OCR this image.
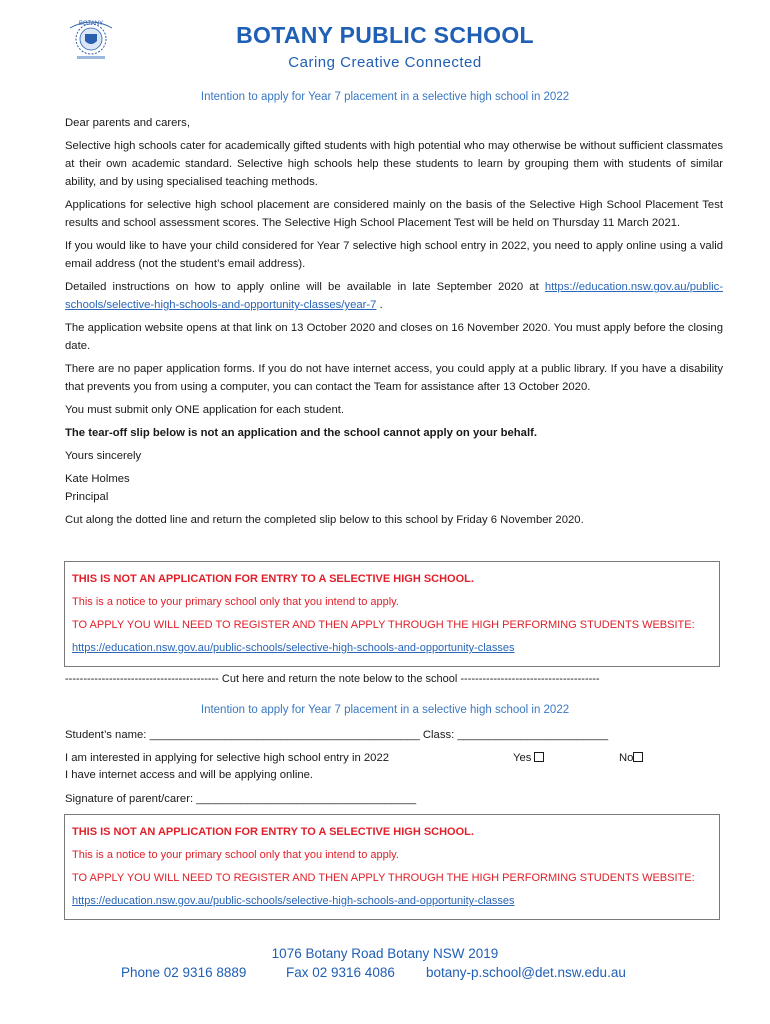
BOTANY	BOTANY PUBLIC SCHOOL
Caring Creative Connected
Intention to apply for Year 7 placement in a selective high school in 2022

Dear parents and carers,

Selective high schools cater for academically gifted students with high potential who may otherwise be without sufficient classmates at their own academic standard. Selective high schools help these students to learn by grouping them with students of similar ability, and by using specialised teaching methods.

Applications for selective high school placement are considered mainly on the basis of the Selective High School Placement Test results and school assessment scores. The Selective High School Placement Test will be held on Thursday 11 March 2021.

If you would like to have your child considered for Year 7 selective high school entry in 2022, you need to apply online using a valid email address (not the student’s email address).

Detailed instructions on how to apply online will be available in late September 2020 at https://education.nsw.gov.au/public-schools/selective-high-schools-and-opportunity-classes/year-7 .

The application website opens at that link on 13 October 2020 and closes on 16 November 2020. You must apply before the closing date.

There are no paper application forms. If you do not have internet access, you could apply at a public library. If you have a disability that prevents you from using a computer, you can contact the Team for assistance after 13 October 2020.

You must submit only ONE application for each student.

The tear-off slip below is not an application and the school cannot apply on your behalf.

Yours sincerely

Kate Holmes

Principal

Cut along the dotted line and return the completed slip below to this school by Friday 6 November 2020.

THIS IS NOT AN APPLICATION FOR ENTRY TO A SELECTIVE HIGH SCHOOL.
This is a notice to your primary school only that you intend to apply.
TO APPLY YOU WILL NEED TO REGISTER AND THEN APPLY THROUGH THE HIGH PERFORMING STUDENTS WEBSITE:
https://education.nsw.gov.au/public-schools/selective-high-schools-and-opportunity-classes
------------------------------------------ Cut here and return the note below to the school --------------------------------------
Intention to apply for Year 7 placement in a selective high school in 2022
Student’s name: ___________________________________________ Class: ________________________
I am interested in applying for selective high school entry in 2022	Yes	No
I have internet access and will be applying online.
Signature of parent/carer: ___________________________________
THIS IS NOT AN APPLICATION FOR ENTRY TO A SELECTIVE HIGH SCHOOL.
This is a notice to your primary school only that you intend to apply.
TO APPLY YOU WILL NEED TO REGISTER AND THEN APPLY THROUGH THE HIGH PERFORMING STUDENTS WEBSITE:
https://education.nsw.gov.au/public-schools/selective-high-schools-and-opportunity-classes
1076 Botany Road Botany NSW 2019
Phone 02 9316 8889	Fax 02 9316 4086 botany-p.school@det.nsw.edu.au
